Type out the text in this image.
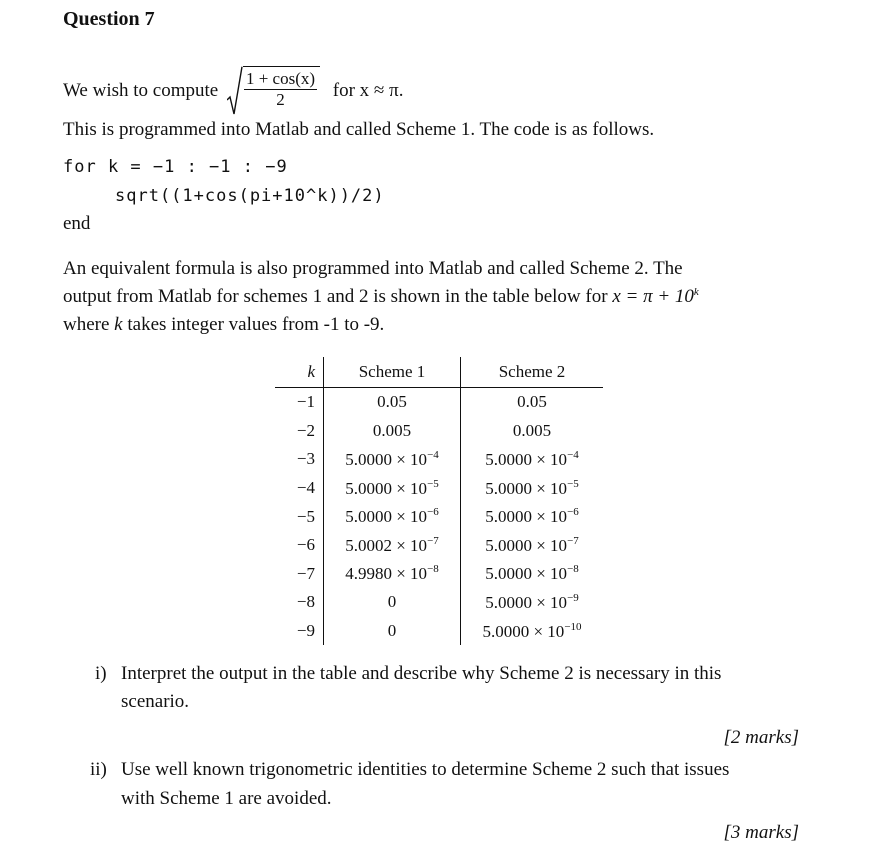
Question 7
We wish to compute $\frac{1 + \cos(x)}{2}$ for x ≈ π.
This is programmed into Matlab and called Scheme 1. The code is as follows.
for k = −1 : −1 : −9
sqrt((1+cos(pi+10^k))/2)
end
An equivalent formula is also programmed into Matlab and called Scheme 2. The
output from Matlab for schemes 1 and 2 is shown in the table below for $x = \pi + 10^k$
where k takes integer values from -1 to -9.
k	Scheme 1	Scheme 2
−1	0.05	0.05
−2	0.005	0.005
−3	$5.0000 \times 10^{-4}$	$5.0000 \times 10^{-4}$
−4	$5.0000 \times 10^{-5}$	$5.0000 \times 10^{-5}$
−5	$5.0000 \times 10^{-6}$	$5.0000 \times 10^{-6}$
−6	$5.0002 \times 10^{-7}$	$5.0000 \times 10^{-7}$
−7	$4.9980 \times 10^{-8}$	$5.0000 \times 10^{-8}$
−8	0	$5.0000 \times 10^{-9}$
−9	0	$5.0000 \times 10^{-10}$
i) Interpret the output in the table and describe why Scheme 2 is necessary in this
scenario.
[2 marks]
ii) Use well known trigonometric identities to determine Scheme 2 such that issues
with Scheme 1 are avoided.
[3 marks]
